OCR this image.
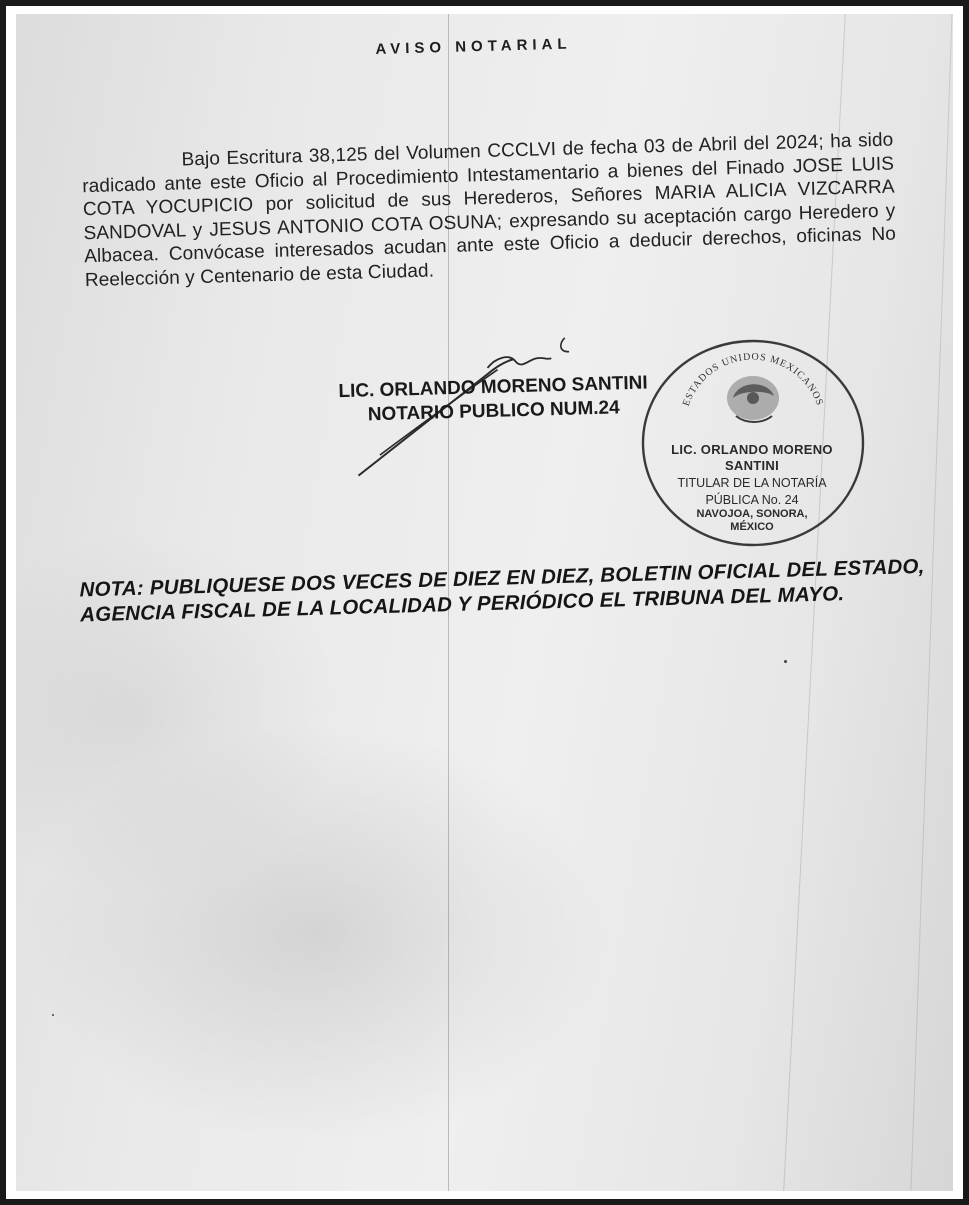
AVISO NOTARIAL
Bajo Escritura 38,125 del Volumen CCCLVI de fecha 03 de Abril del 2024; ha sido radicado ante este Oficio al Procedimiento Intestamentario a bienes del Finado JOSE LUIS COTA YOCUPICIO por solicitud de sus Herederos, Señores MARIA ALICIA VIZCARRA SANDOVAL y JESUS ANTONIO COTA OSUNA; expresando su aceptación cargo Heredero y Albacea. Convócase interesados acudan ante este Oficio a deducir derechos, oficinas No Reelección y Centenario de esta Ciudad.
LIC. ORLANDO MORENO SANTINI
NOTARIO PUBLICO NUM.24
NOTA: PUBLIQUESE DOS VECES DE DIEZ EN DIEZ, BOLETIN OFICIAL DEL ESTADO, AGENCIA FISCAL DE LA LOCALIDAD Y PERIÓDICO EL TRIBUNA DEL MAYO.
ESTADOS UNIDOS MEXICANOS
LIC. ORLANDO MORENO
SANTINI
TITULAR DE LA NOTARÍA
PÚBLICA No. 24
NAVOJOA, SONORA,
MÉXICO
